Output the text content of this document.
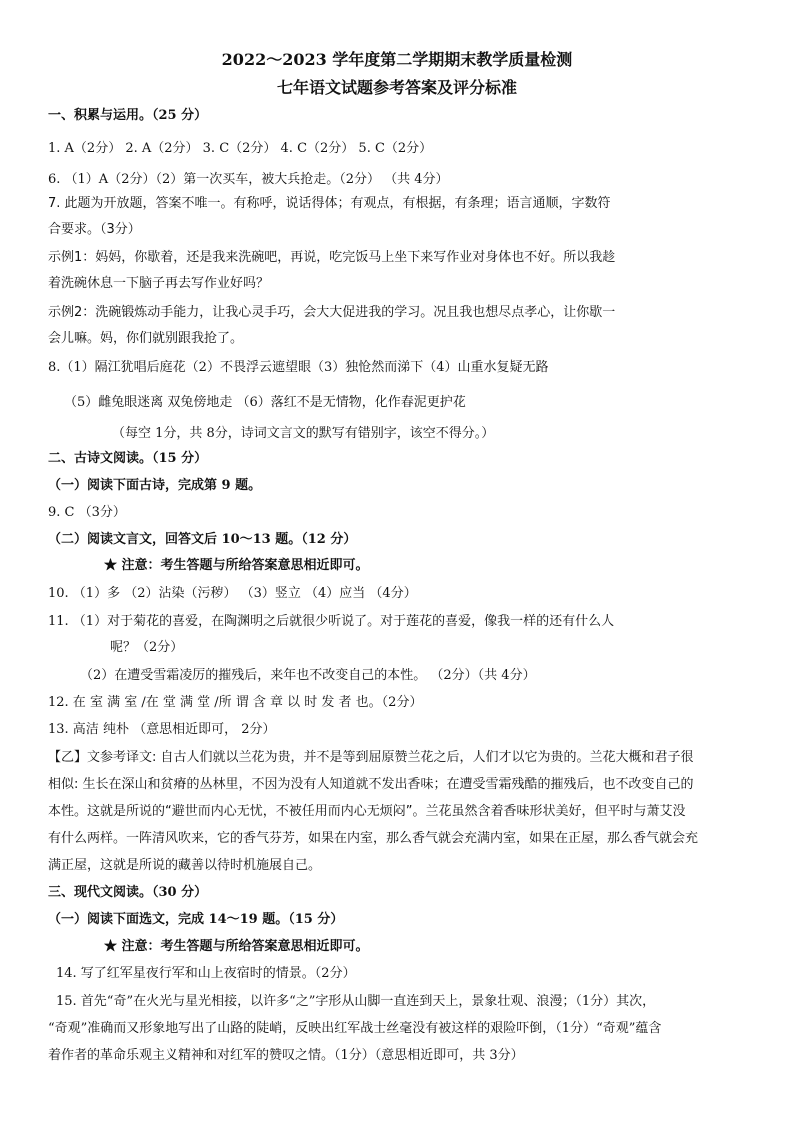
2022～2023 学年度第二学期期末教学质量检测
七年语文试题参考答案及评分标准
一、积累与运用。（25 分）
1. A（2分） 2. A（2分） 3. C（2分） 4. C（2分） 5. C（2分）
6. （1）A（2分）（2）第一次买车，被大兵抢走。（2分） （共 4分）
7. 此题为开放题，答案不唯一。有称呼，说话得体；有观点，有根据，有条理；语言通顺，字数符
合要求。（3分）
示例1：妈妈，你歇着，还是我来洗碗吧，再说，吃完饭马上坐下来写作业对身体也不好。所以我趁
着洗碗休息一下脑子再去写作业好吗？
示例2：洗碗锻炼动手能力，让我心灵手巧，会大大促进我的学习。况且我也想尽点孝心，让你歇一
会儿嘛。妈，你们就别跟我抢了。
8.（1）隔江犹唱后庭花（2）不畏浮云遮望眼（3）独怆然而涕下（4）山重水复疑无路
（5）雌兔眼迷离 双兔傍地走 （6）落红不是无情物，化作春泥更护花
（每空 1分，共 8分，诗词文言文的默写有错别字，该空不得分。）
二、古诗文阅读。（15 分）
（一）阅读下面古诗，完成第 9 题。
9. C （3分）
（二）阅读文言文，回答文后 10～13 题。（12 分）
★ 注意：考生答题与所给答案意思相近即可。
10. （1）多 （2）沾染（污秽） （3）竖立 （4）应当 （4分）
11. （1）对于菊花的喜爱，在陶渊明之后就很少听说了。对于莲花的喜爱，像我一样的还有什么人
呢？（2分）
（2）在遭受雪霜凌厉的摧残后，来年也不改变自己的本性。 （2分）（共 4分）
12. 在 室 满 室 /在 堂 满 堂 /所 谓 含 章 以 时 发 者 也。（2分）
13. 高洁 纯朴 （意思相近即可， 2分）
【乙】文参考译文: 自古人们就以兰花为贵，并不是等到屈原赞兰花之后，人们才以它为贵的。兰花大概和君子很
相似: 生长在深山和贫瘠的丛林里，不因为没有人知道就不发出香味；在遭受雪霜残酷的摧残后，也不改变自己的
本性。这就是所说的“避世而内心无忧，不被任用而内心无烦闷”。兰花虽然含着香味形状美好，但平时与萧艾没
有什么两样。一阵清风吹来，它的香气芬芳，如果在内室，那么香气就会充满内室，如果在正屋，那么香气就会充
满正屋，这就是所说的藏善以待时机施展自己。
三、现代文阅读。（30 分）
（一）阅读下面选文，完成 14～19 题。（15 分）
★ 注意：考生答题与所给答案意思相近即可。
14. 写了红军星夜行军和山上夜宿时的情景。（2分）
15. 首先“奇”在火光与星光相接，以许多“之”字形从山脚一直连到天上，景象壮观、浪漫；（1分）其次，
“奇观”准确而又形象地写出了山路的陡峭，反映出红军战士丝毫没有被这样的艰险吓倒，（1分）“奇观”蕴含
着作者的革命乐观主义精神和对红军的赞叹之情。（1分）（意思相近即可，共 3分）
